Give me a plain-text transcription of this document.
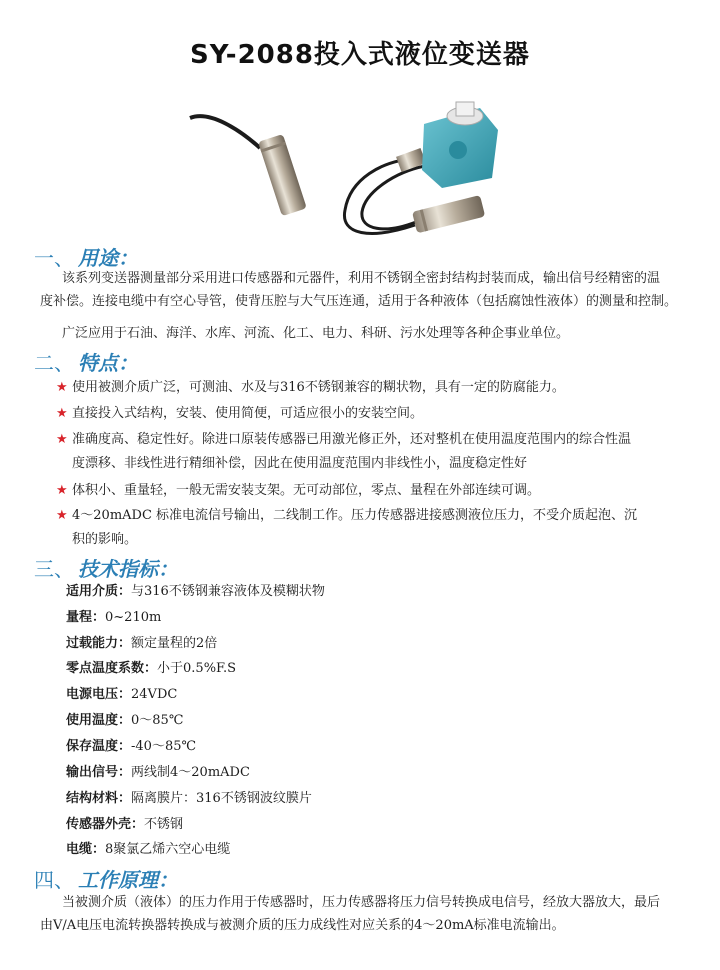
SY-2088投入式液位变送器
一、 用途：
该系列变送器测量部分采用进口传感器和元器件，利用不锈钢全密封结构封装而成，输出信号经精密的温
度补偿。连接电缆中有空心导管，使背压腔与大气压连通，适用于各种液体（包括腐蚀性液体）的测量和控制。
广泛应用于石油、海洋、水库、河流、化工、电力、科研、污水处理等各种企事业单位。
二、 特点：
★ 使用被测介质广泛，可测油、水及与316不锈钢兼容的糊状物，具有一定的防腐能力。
★ 直接投入式结构，安装、使用简便，可适应很小的安装空间。
★ 准确度高、稳定性好。除进口原装传感器已用激光修正外，还对整机在使用温度范围内的综合性温
度漂移、非线性进行精细补偿，因此在使用温度范围内非线性小，温度稳定性好
★ 体积小、重量轻，一般无需安装支架。无可动部位，零点、量程在外部连续可调。
★ 4～20mADC 标准电流信号输出，二线制工作。压力传感器进接感测液位压力，不受介质起泡、沉
积的影响。
三、 技术指标：
适用介质：与316不锈钢兼容液体及模糊状物
量程：0~210m
过载能力：额定量程的2倍
零点温度系数：小于0.5%F.S
电源电压：24VDC
使用温度：0～85℃
保存温度：-40～85℃
输出信号：两线制4～20mADC
结构材料：隔离膜片：316不锈钢波纹膜片
传感器外壳：不锈钢
电缆：8聚氯乙烯六空心电缆
四、 工作原理：
当被测介质（液体）的压力作用于传感器时，压力传感器将压力信号转换成电信号，经放大器放大，最后
由V/A电压电流转换器转换成与被测介质的压力成线性对应关系的4～20mA标准电流输出。
